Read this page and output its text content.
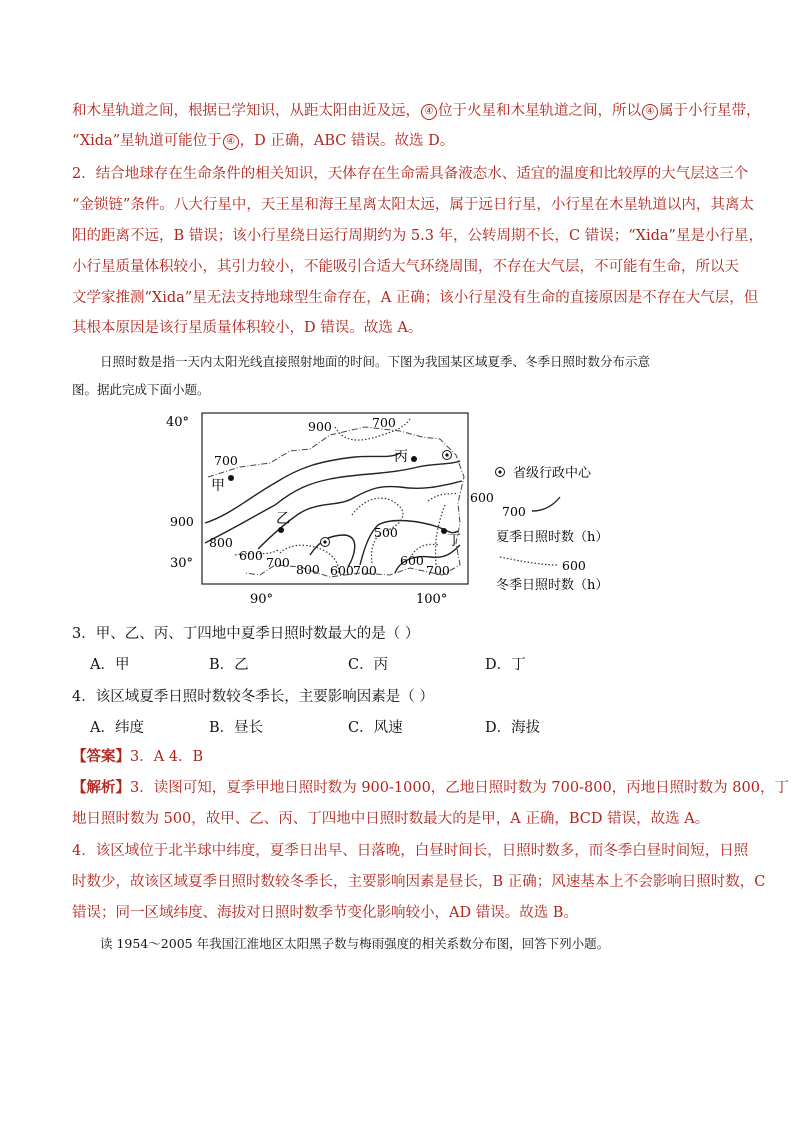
和木星轨道之间，根据已学知识，从距太阳由近及远， ④ 位于火星和木星轨道之间，所以 ④ 属于小行星带，
“Xida”星轨道可能位于 ④ ，D 正确，ABC 错误。故选 D。
2．结合地球存在生命条件的相关知识，天体存在生命需具备液态水、适宜的温度和比较厚的大气层这三个
“金锁链”条件。八大行星中，天王星和海王星离太阳太远，属于远日行星，小行星在木星轨道以内，其离太
阳的距离不远，B 错误；该小行星绕日运行周期约为 5.3 年，公转周期不长，C 错误；“Xida”星是小行星，
小行星质量体积较小，其引力较小，不能吸引合适大气环绕周围，不存在大气层，不可能有生命，所以天
文学家推测“Xida”星无法支持地球型生命存在，A 正确；该小行星没有生命的直接原因是不存在大气层，但
其根本原因是该行星质量体积较小，D 错误。故选 A。
日照时数是指一天内太阳光线直接照射地面的时间。下图为我国某区域夏季、冬季日照时数分布示意
图。据此完成下面小题。
甲
乙
丙
丁
40°
30°
90°	100°
900	700
700
900
800
600 700 800 600 700
500
700
600
600
省级行政中心
700
夏季日照时数（h）
600
冬季日照时数（h）
3．甲、乙、丙、丁四地中夏季日照时数最大的是（ ）
A．甲	B．乙	C．丙	D．丁
4．该区域夏季日照时数较冬季长，主要影响因素是（ ）
A．纬度	B．昼长	C．风速	D．海拔
【答案】3．A 4．B
【解析】3．读图可知，夏季甲地日照时数为 900-1000，乙地日照时数为 700-800，丙地日照时数为 800，丁
地日照时数为 500，故甲、乙、丙、丁四地中日照时数最大的是甲，A 正确，BCD 错误，故选 A。
4．该区域位于北半球中纬度，夏季日出早、日落晚，白昼时间长，日照时数多，而冬季白昼时间短，日照
时数少，故该区域夏季日照时数较冬季长，主要影响因素是昼长，B 正确；风速基本上不会影响日照时数，C
错误；同一区域纬度、海拔对日照时数季节变化影响较小，AD 错误。故选 B。
读 1954～2005 年我国江淮地区太阳黑子数与梅雨强度的相关系数分布图，回答下列小题。
